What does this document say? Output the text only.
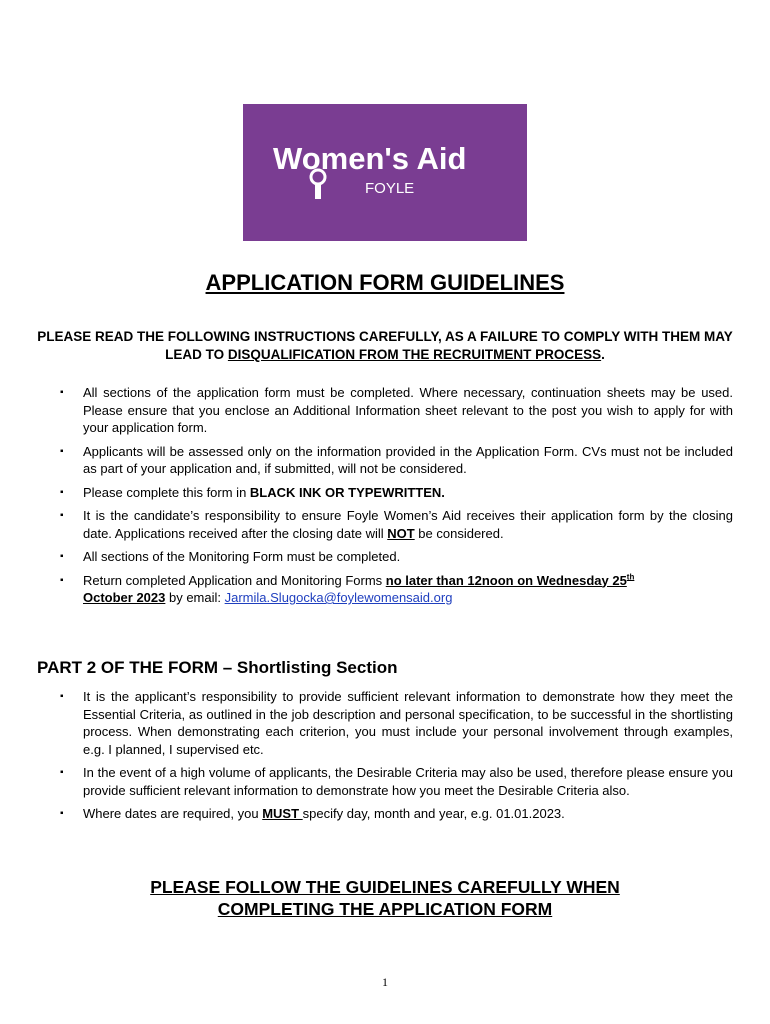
Women's Aid
FOYLE
APPLICATION FORM GUIDELINES

PLEASE READ THE FOLLOWING INSTRUCTIONS CAREFULLY, AS A FAILURE TO COMPLY WITH THEM MAY LEAD TO DISQUALIFICATION FROM THE RECRUITMENT PROCESS.

▪ All sections of the application form must be completed. Where necessary, continuation sheets may be used. Please ensure that you enclose an Additional Information sheet relevant to the post you wish to apply for with your application form.
▪ Applicants will be assessed only on the information provided in the Application Form. CVs must not be included as part of your application and, if submitted, will not be considered.
▪ Please complete this form in BLACK INK OR TYPEWRITTEN.
▪ It is the candidate’s responsibility to ensure Foyle Women’s Aid receives their application form by the closing date. Applications received after the closing date will NOT be considered.
▪ All sections of the Monitoring Form must be completed.
▪ Return completed Application and Monitoring Forms no later than 12noon on Wednesday 25th
October 2023 by email: Jarmila.Slugocka@foylewomensaid.org
PART 2 OF THE FORM – Shortlisting Section
▪ It is the applicant’s responsibility to provide sufficient relevant information to demonstrate how they meet the Essential Criteria, as outlined in the job description and personal specification, to be successful in the shortlisting process. When demonstrating each criterion, you must include your personal involvement through examples, e.g. I planned, I supervised etc.
▪ In the event of a high volume of applicants, the Desirable Criteria may also be used, therefore please ensure you provide sufficient relevant information to demonstrate how you meet the Desirable Criteria also.
▪ Where dates are required, you MUST specify day, month and year, e.g. 01.01.2023.

PLEASE FOLLOW THE GUIDELINES CAREFULLY WHEN
COMPLETING THE APPLICATION FORM

1
